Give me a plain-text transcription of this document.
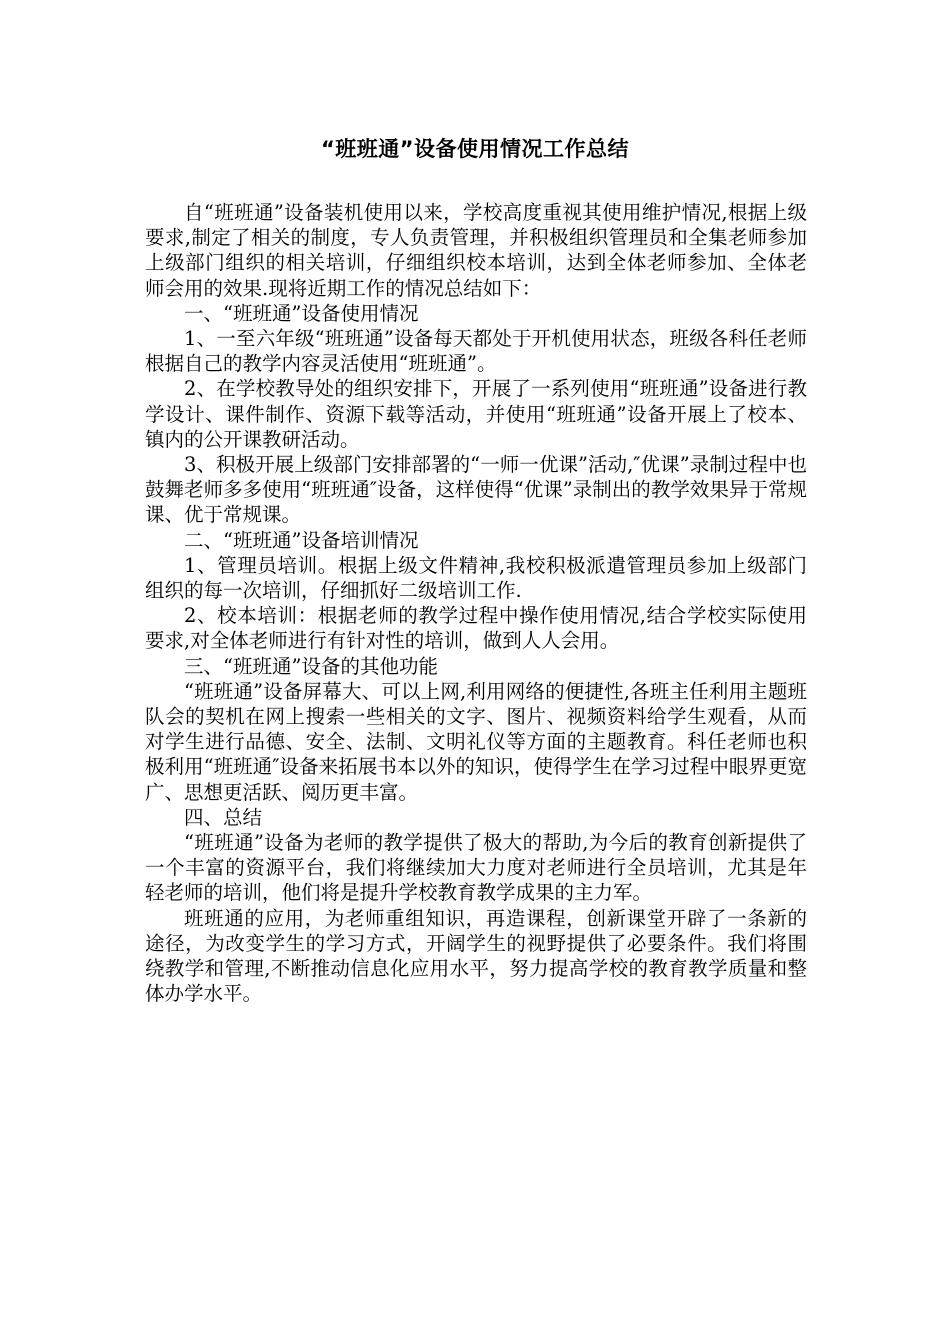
“班班通”设备使用情况工作总结

自“班班通”设备装机使用以来，学校高度重视其使用维护情况,根据上级要求,制定了相关的制度，专人负责管理，并积极组织管理员和全集老师参加上级部门组织的相关培训，仔细组织校本培训，达到全体老师参加、全体老师会用的效果.现将近期工作的情况总结如下：

一、“班班通”设备使用情况

1、一至六年级“班班通”设备每天都处于开机使用状态，班级各科任老师根据自己的教学内容灵活使用“班班通”。

2、在学校教导处的组织安排下，开展了一系列使用“班班通”设备进行教学设计、课件制作、资源下载等活动，并使用“班班通”设备开展上了校本、镇内的公开课教研活动。

3、积极开展上级部门安排部署的“一师一优课”活动,″优课”录制过程中也鼓舞老师多多使用“班班通″设备，这样使得“优课”录制出的教学效果异于常规课、优于常规课。

二、“班班通”设备培训情况

1、管理员培训。根据上级文件精神,我校积极派遣管理员参加上级部门组织的每一次培训，仔细抓好二级培训工作.

2、校本培训：根据老师的教学过程中操作使用情况,结合学校实际使用要求,对全体老师进行有针对性的培训，做到人人会用。

三、“班班通”设备的其他功能

“班班通”设备屏幕大、可以上网,利用网络的便捷性,各班主任利用主题班队会的契机在网上搜索一些相关的文字、图片、视频资料给学生观看，从而对学生进行品德、安全、法制、文明礼仪等方面的主题教育。科任老师也积极利用“班班通″设备来拓展书本以外的知识，使得学生在学习过程中眼界更宽广、思想更活跃、阅历更丰富。

四、总结

“班班通”设备为老师的教学提供了极大的帮助,为今后的教育创新提供了一个丰富的资源平台，我们将继续加大力度对老师进行全员培训，尤其是年轻老师的培训，他们将是提升学校教育教学成果的主力军。

班班通的应用，为老师重组知识，再造课程，创新课堂开辟了一条新的途径，为改变学生的学习方式，开阔学生的视野提供了必要条件。我们将围绕教学和管理,不断推动信息化应用水平，努力提高学校的教育教学质量和整体办学水平。
